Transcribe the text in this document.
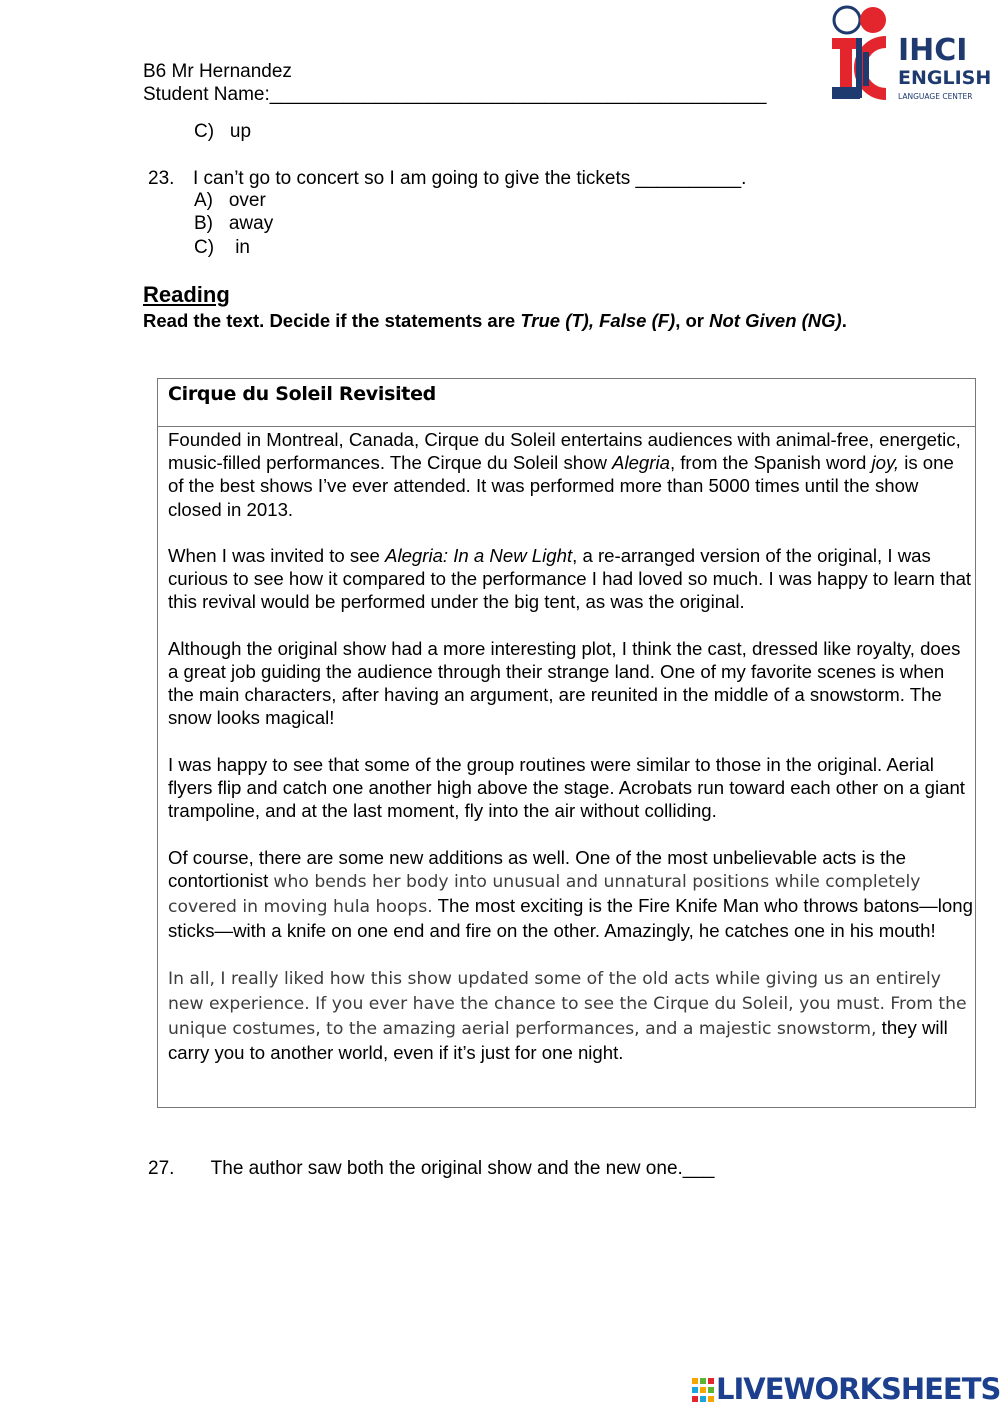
B6 Mr Hernandez
Student Name:_______________________________________________
IHCI
ENGLISH
LANGUAGE CENTER
C) up
23. I can’t go to concert so I am going to give the tickets __________.
A) over
B) away
C) in
Reading
Read the text. Decide if the statements are True (T), False (F), or Not Given (NG).
Cirque du Soleil Revisited

Founded in Montreal, Canada, Cirque du Soleil entertains audiences with animal-free, energetic, music-filled performances. The Cirque du Soleil show Alegria, from the Spanish word joy, is one of the best shows I’ve ever attended. It was performed more than 5000 times until the show closed in 2013.

When I was invited to see Alegria: In a New Light, a re-arranged version of the original, I was curious to see how it compared to the performance I had loved so much. I was happy to learn that this revival would be performed under the big tent, as was the original.

Although the original show had a more interesting plot, I think the cast, dressed like royalty, does a great job guiding the audience through their strange land. One of my favorite scenes is when the main characters, after having an argument, are reunited in the middle of a snowstorm. The snow looks magical!

I was happy to see that some of the group routines were similar to those in the original. Aerial flyers flip and catch one another high above the stage. Acrobats run toward each other on a giant trampoline, and at the last moment, fly into the air without colliding.

Of course, there are some new additions as well. One of the most unbelievable acts is the contortionist who bends her body into unusual and unnatural positions while completely covered in moving hula hoops. The most exciting is the Fire Knife Man who throws batons—long sticks—with a knife on one end and fire on the other. Amazingly, he catches one in his mouth!

In all, I really liked how this show updated some of the old acts while giving us an entirely new experience. If you ever have the chance to see the Cirque du Soleil, you must. From the unique costumes, to the amazing aerial performances, and a majestic snowstorm, they will carry you to another world, even if it’s just for one night.

27. The author saw both the original show and the new one.___
LIVEWORKSHEETS
